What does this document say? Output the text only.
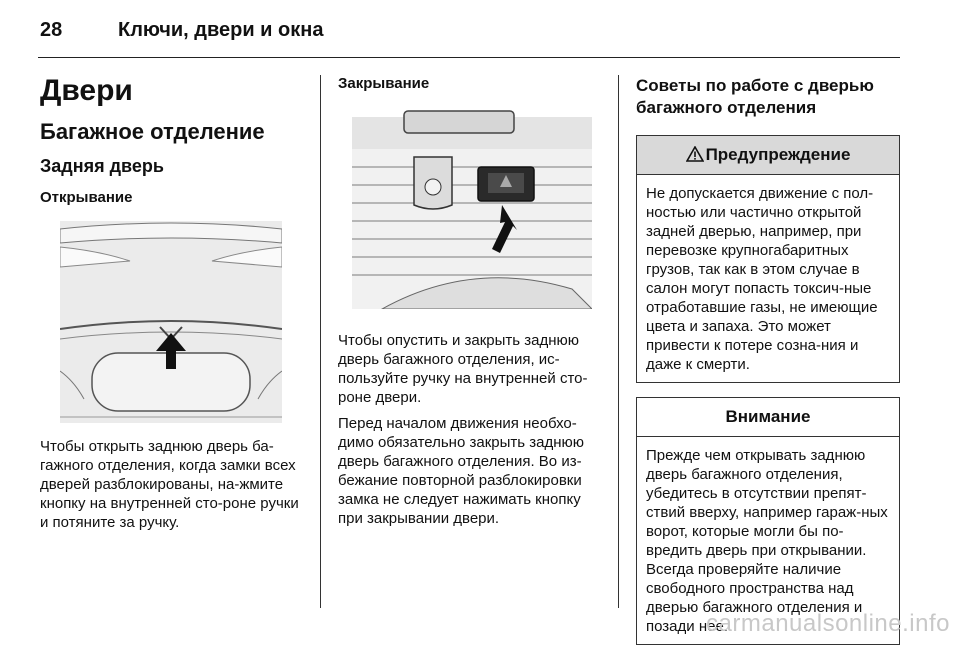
28	Ключи, двери и окна
Двери
Багажное отделение
Задняя дверь
Открывание
Чтобы открыть заднюю дверь ба-гажного отделения, когда замки всех дверей разблокированы, на-жмите кнопку на внутренней сто-роне ручки и потяните за ручку.
Закрывание
Чтобы опустить и закрыть заднюю дверь багажного отделения, ис-пользуйте ручку на внутренней сто-роне двери.
Перед началом движения необхо-димо обязательно закрыть заднюю дверь багажного отделения. Во из-бежание повторной разблокировки замка не следует нажимать кнопку при закрывании двери.
Советы по работе с дверью багажного отделения
Предупреждение
Не допускается движение с пол-ностью или частично открытой задней дверью, например, при перевозке крупногабаритных грузов, так как в этом случае в салон могут попасть токсич-ные отработавшие газы, не имеющие цвета и запаха. Это может привести к потере созна-ния и даже к смерти.
Внимание
Прежде чем открывать заднюю дверь багажного отделения, убедитесь в отсутствии препят-ствий вверху, например гараж-ных ворот, которые могли бы по-вредить дверь при открывании. Всегда проверяйте наличие свободного пространства над дверью багажного отделения и позади нее.
carmanualsonline.info
